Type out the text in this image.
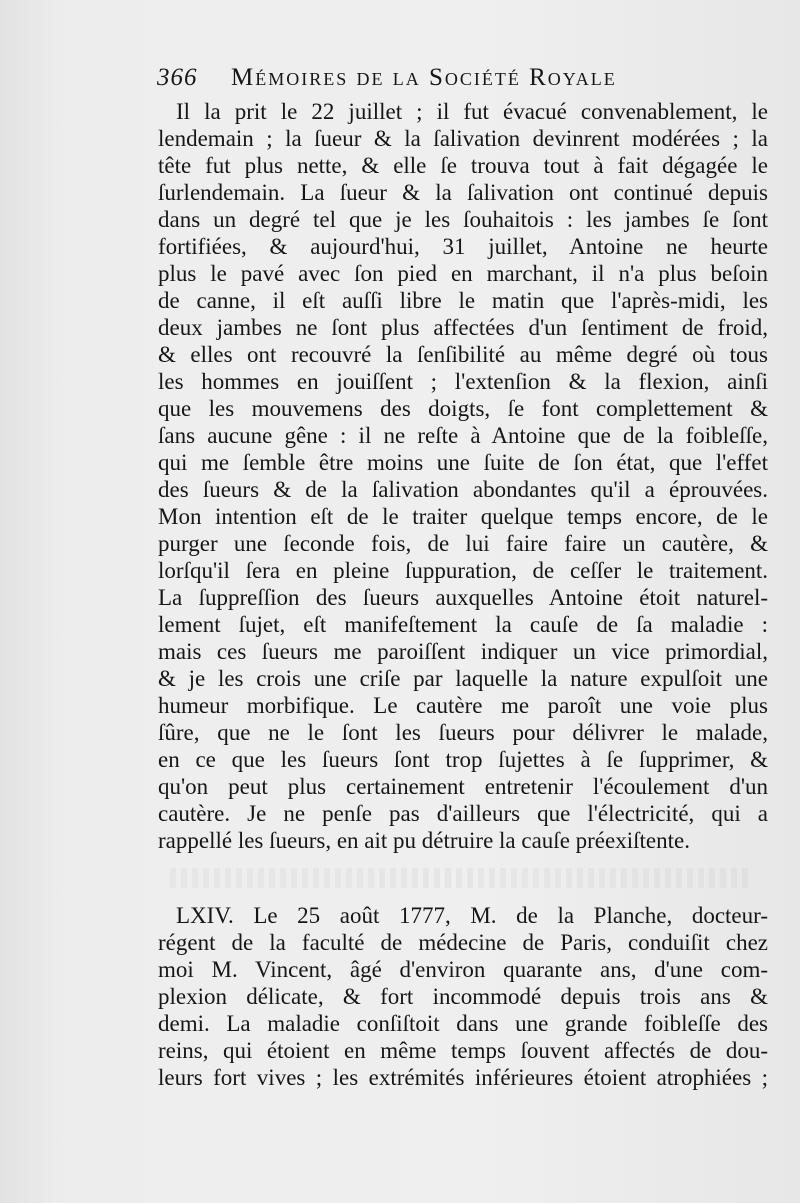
366 Mémoires de la Société Royale
Il la prit le 22 juillet ; il fut évacué convenablement, le
lendemain ; la ſueur & la ſalivation devinrent modérées ; la
tête fut plus nette, & elle ſe trouva tout à fait dégagée le
ſurlendemain. La ſueur & la ſalivation ont continué depuis
dans un degré tel que je les ſouhaitois : les jambes ſe ſont
fortifiées, & aujourd'hui, 31 juillet, Antoine ne heurte
plus le pavé avec ſon pied en marchant, il n'a plus beſoin
de canne, il eſt auſſi libre le matin que l'après-midi, les
deux jambes ne ſont plus affectées d'un ſentiment de froid,
& elles ont recouvré la ſenſibilité au même degré où tous
les hommes en jouiſſent ; l'extenſion & la flexion, ainſi
que les mouvemens des doigts, ſe font complettement &
ſans aucune gêne : il ne reſte à Antoine que de la foibleſſe,
qui me ſemble être moins une ſuite de ſon état, que l'effet
des ſueurs & de la ſalivation abondantes qu'il a éprouvées.
Mon intention eſt de le traiter quelque temps encore, de le
purger une ſeconde fois, de lui faire faire un cautère, &
lorſqu'il ſera en pleine ſuppuration, de ceſſer le traitement.
La ſuppreſſion des ſueurs auxquelles Antoine étoit naturel-
lement ſujet, eſt manifeſtement la cauſe de ſa maladie :
mais ces ſueurs me paroiſſent indiquer un vice primordial,
& je les crois une criſe par laquelle la nature expulſoit une
humeur morbifique. Le cautère me paroît une voie plus
ſûre, que ne le ſont les ſueurs pour délivrer le malade,
en ce que les ſueurs ſont trop ſujettes à ſe ſupprimer, &
qu'on peut plus certainement entretenir l'écoulement d'un
cautère. Je ne penſe pas d'ailleurs que l'électricité, qui a
rappellé les ſueurs, en ait pu détruire la cauſe préexiſtente.
LXIV. Le 25 août 1777, M. de la Planche, docteur-
régent de la faculté de médecine de Paris, conduiſit chez
moi M. Vincent, âgé d'environ quarante ans, d'une com-
plexion délicate, & fort incommodé depuis trois ans &
demi. La maladie conſiſtoit dans une grande foibleſſe des
reins, qui étoient en même temps ſouvent affectés de dou-
leurs fort vives ; les extrémités inférieures étoient atrophiées ;
